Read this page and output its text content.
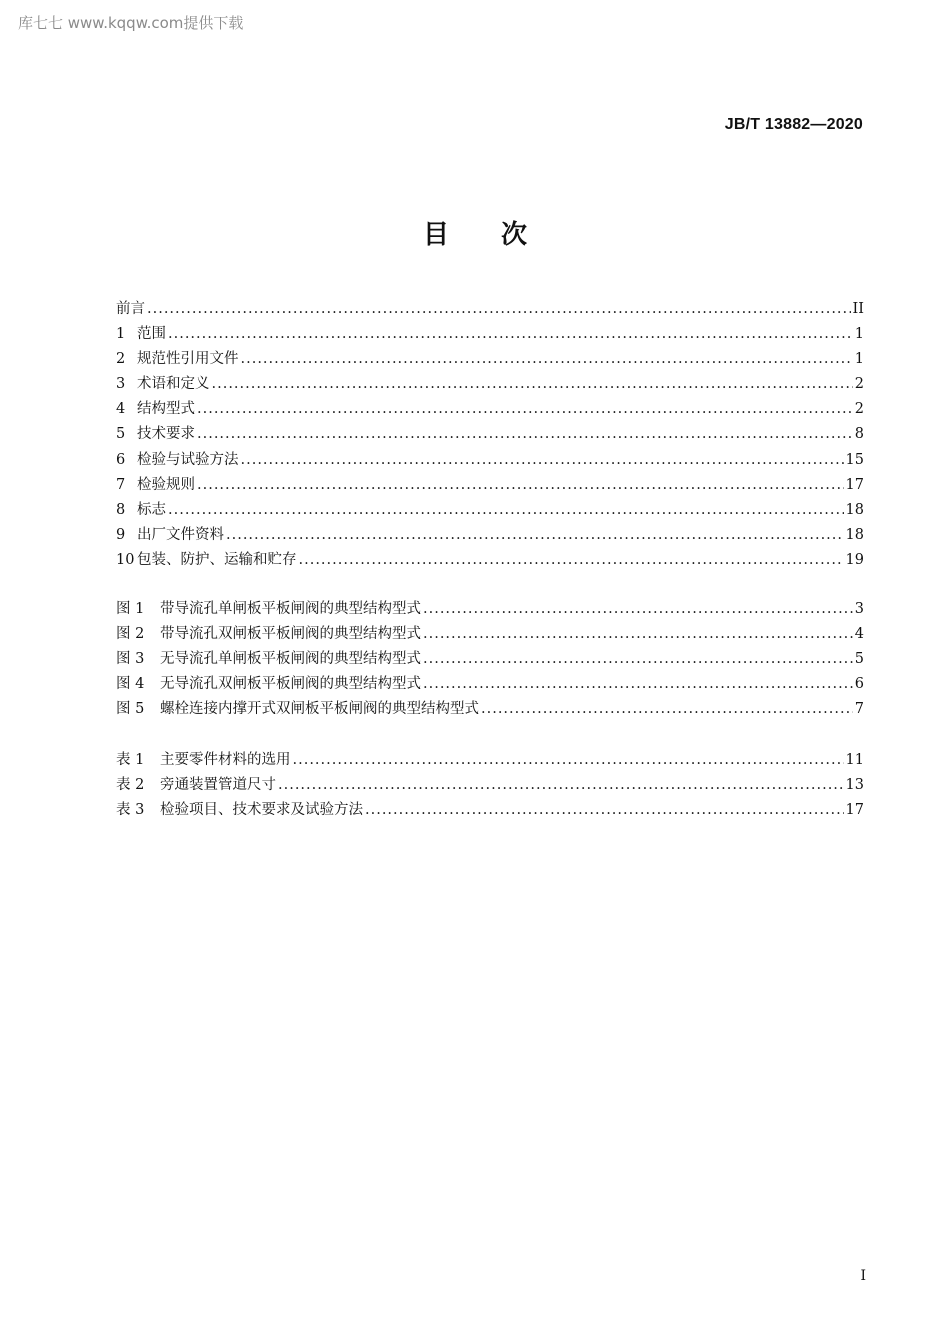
库七七 www.kqqw.com提供下载
JB/T 13882—2020
目次
前言 .....	II
1 范围 .....	1
2 规范性引用文件 .....	1
3 术语和定义 .....	2
4 结构型式 .....	2
5 技术要求 .....	8
6 检验与试验方法 .....	15
7 检验规则 .....	17
8 标志 .....	18
9 出厂文件资料 .....	18
10 包装、防护、运输和贮存 .....	19
图 1	带导流孔单闸板平板闸阀的典型结构型式 .....	3
图 2	带导流孔双闸板平板闸阀的典型结构型式 .....	4
图 3	无导流孔单闸板平板闸阀的典型结构型式 .....	5
图 4	无导流孔双闸板平板闸阀的典型结构型式 .....	6
图 5	螺栓连接内撑开式双闸板平板闸阀的典型结构型式 .....	7
表 1	主要零件材料的选用 .....	11
表 2	旁通装置管道尺寸 .....	13
表 3	检验项目、技术要求及试验方法 .....	17
I
